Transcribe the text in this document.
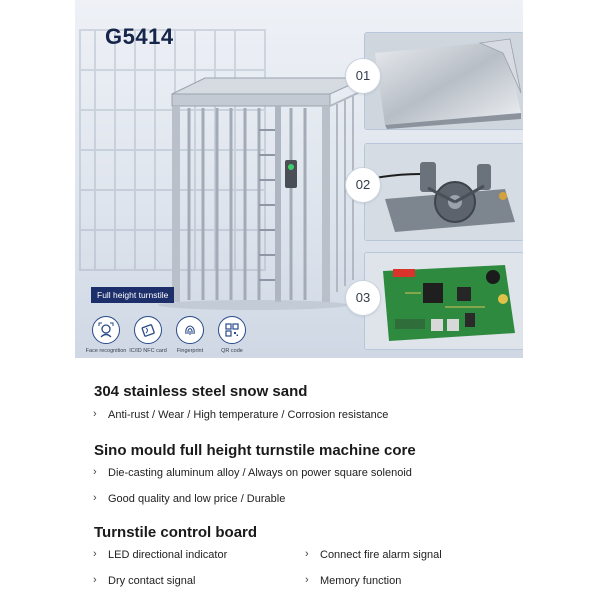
G5414
01
02
03
Full height turnstile
Face recognition IC/ID NFC card	Fingerprint	QR code
304 stainless steel snow sand
› Anti-rust / Wear / High temperature / Corrosion resistance
Sino mould full height turnstile machine core
› Die-casting aluminum alloy / Always on power square solenoid
› Good quality and low price / Durable
Turnstile control board
› LED directional indicator	› Connect fire alarm signal
› Dry contact signal	› Memory function
